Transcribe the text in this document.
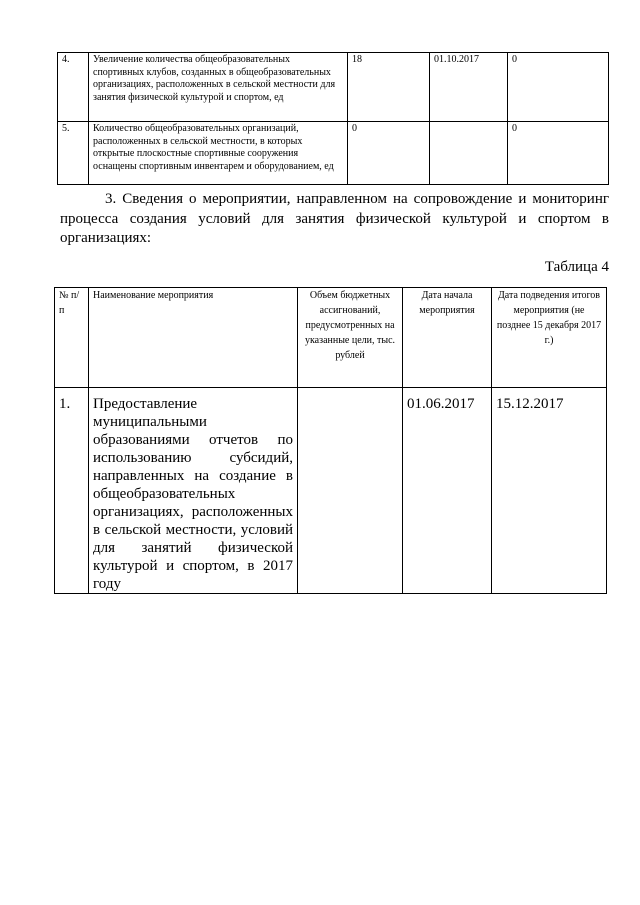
4.	Увеличение количества общеобразовательных спортивных клубов, созданных в общеобразовательных организациях, расположенных в сельской местности для занятия физической культурой и спортом, ед	18	01.10.2017	0
5.	Количество общеобразовательных организаций, расположенных в сельской местности, в которых открытые плоскостные спортивные сооружения оснащены спортивным инвентарем и оборудованием, ед	0		0
3. Сведения о мероприятии, направленном на сопровождение и мониторинг процесса создания условий для занятия физической культурой и спортом в организациях:
Таблица 4
№ п/п	Наименование мероприятия	Объем бюджетных ассигнований, предусмотренных на указанные цели, тыс. рублей	Дата начала мероприятия	Дата подведения итогов мероприятия (не позднее 15 декабря 2017 г.)
1.	Предоставление муниципальными образованиями отчетов по использованию субсидий, направленных на создание в общеобразовательных организациях, расположенных в сельской местности, условий для занятий физической культурой и спортом, в 2017 году		01.06.2017	15.12.2017
